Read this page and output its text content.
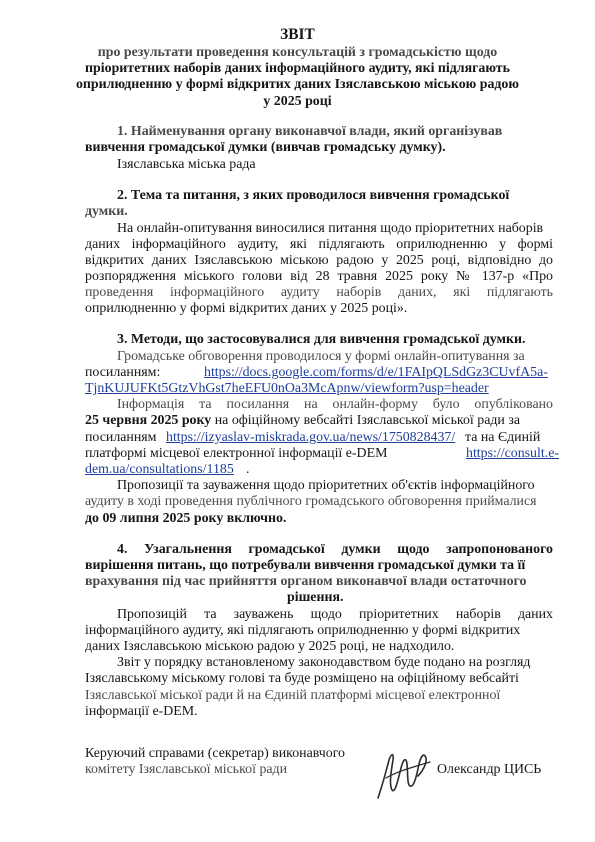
ЗВІТ

про результати проведення консультацій з громадськістю щодо

пріоритетних наборів даних інформаційного аудиту, які підлягають

оприлюдненню у формі відкритих даних Ізяславською міською радою

у 2025 році

1. Найменування органу виконавчої влади, який організував

вивчення громадської думки (вивчав громадську думку).

Ізяславська міська рада

2. Тема та питання, з яких проводилося вивчення громадської

думки.

На онлайн-опитування виносилися питання щодо пріоритетних наборів

даних інформаційного аудиту, які підлягають оприлюдненню у формі

відкритих даних Ізяславською міською радою у 2025 році, відповідно до

розпорядження міського голови від 28 травня 2025 року № 137-р «Про

проведення інформаційного аудиту наборів даних, які підлягають

оприлюдненню у формі відкритих даних у 2025 році».

3. Методи, що застосовувалися для вивчення громадської думки.

Громадське обговорення проводилося у формі онлайн-опитування за

посиланням:	https://docs.google.com/forms/d/e/1FAIpQLSdGz3CUvfA5a-
TjnKUJUFKt5GtzVhGst7heEFU0nOa3McApnw/viewform?usp=header

Інформація та посилання на онлайн-форму було опубліковано

25 червня 2025 року на офіційному вебсайті Ізяславської міської ради за

посиланням https://izyaslav-miskrada.gov.ua/news/1750828437/ та на Єдиній

платформі місцевої електронної інформації e-DEM	https://consult.e-
dem.ua/consultations/1185 .

Пропозиції та зауваження щодо пріоритетних об'єктів інформаційного

аудиту в ході проведення публічного громадського обговорення приймалися

до 09 липня 2025 року включно.

4. Узагальнення громадської думки щодо запропонованого

вирішення питань, що потребували вивчення громадської думки та її

врахування під час прийняття органом виконавчої влади остаточного

рішення.

Пропозицій та зауважень щодо пріоритетних наборів даних

інформаційного аудиту, які підлягають оприлюдненню у формі відкритих

даних Ізяславською міською радою у 2025 році, не надходило.

Звіт у порядку встановленому законодавством буде подано на розгляд

Ізяславському міському голові та буде розміщено на офіційному вебсайті

Ізяславської міської ради й на Єдиній платформі місцевої електронної

інформації e-DEM.

Керуючий справами (секретар) виконавчого

комітету Ізяславської міської ради	Олександр ЦИСЬ
